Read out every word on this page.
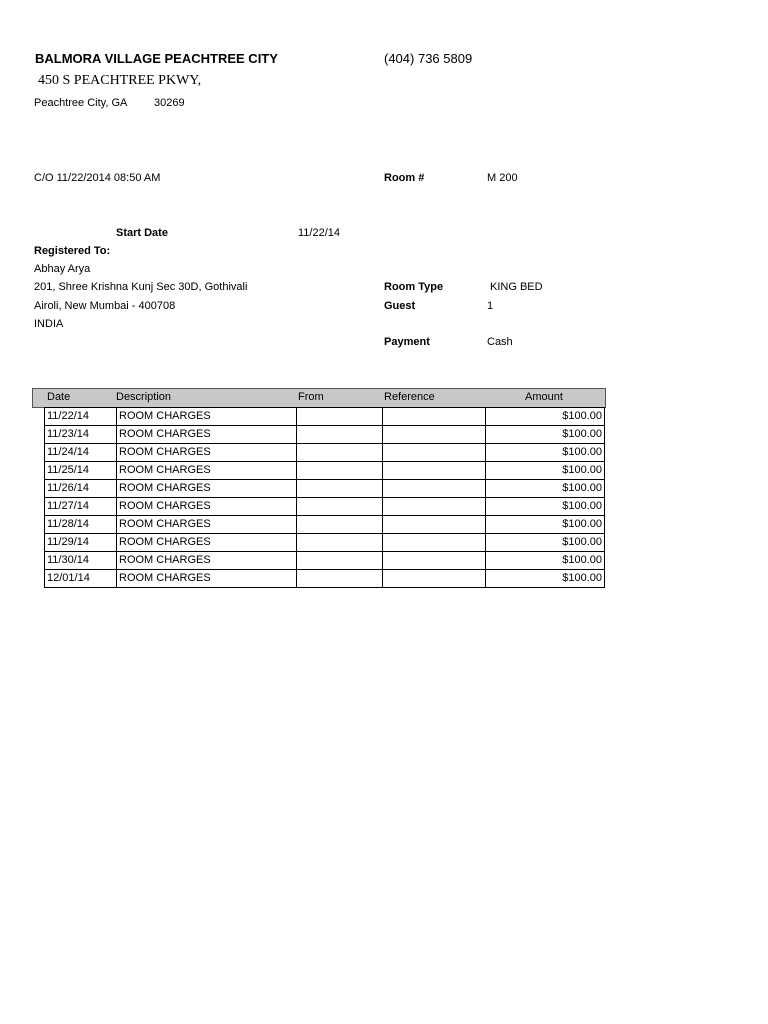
BALMORA VILLAGE PEACHTREE CITY	(404) 736 5809
450 S PEACHTREE PKWY,
Peachtree City, GA 30269
C/O 11/22/2014 08:50 AM	Room #	M 200
Start Date	11/22/14
Registered To:
Abhay Arya
201, Shree Krishna Kunj Sec 30D, Gothivali
Airoli, New Mumbai - 400708
INDIA
Room Type	KING BED
Guest	1
Payment	Cash
Date	Description	From	Reference	Amount
11/22/14	ROOM CHARGES			$100.00
11/23/14	ROOM CHARGES			$100.00
11/24/14	ROOM CHARGES			$100.00
11/25/14	ROOM CHARGES			$100.00
11/26/14	ROOM CHARGES			$100.00
11/27/14	ROOM CHARGES			$100.00
11/28/14	ROOM CHARGES			$100.00
11/29/14	ROOM CHARGES			$100.00
11/30/14	ROOM CHARGES			$100.00
12/01/14	ROOM CHARGES			$100.00
